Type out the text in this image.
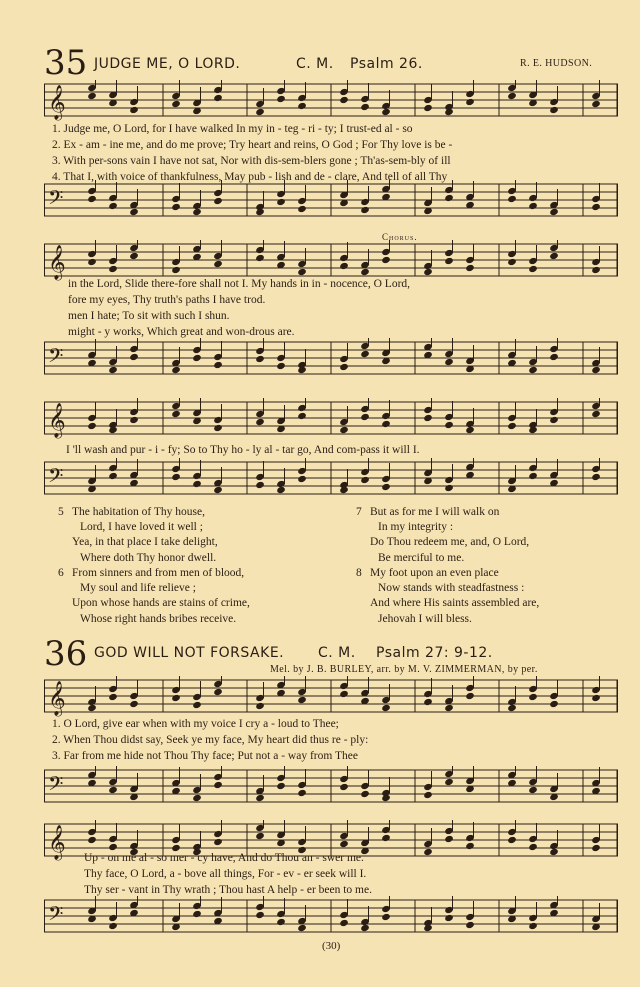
35 JUDGE ME, O LORD.	C. M. Psalm 26.	R. E. HUDSON.
𝄞
1. Judge me, O Lord, for I have walked In my in - teg - ri - ty; I trust-ed al - so
2. Ex - am - ine me, and do me prove; Try heart and reins, O God ; For Thy love is be -
3. With per-sons vain I have not sat, Nor with dis-sem-blers gone ; Th'as-sem-bly of ill
4. That I, with voice of thankfulness, May pub - lish and de - clare, And tell of all Thy
𝄢
Chorus.
𝄞
in the Lord, Slide there-fore shall not I. My hands in in - nocence, O Lord,
fore my eyes, Thy truth's paths I have trod.
men I hate; To sit with such I shun.
might - y works, Which great and won-drous are.
𝄢
𝄞
I 'll wash and pur - i - fy; So to Thy ho - ly al - tar go, And com-pass it will I.
𝄢
5 The habitation of Thy house,
Lord, I have loved it well ;
Yea, in that place I take delight,
Where doth Thy honor dwell.
6 From sinners and from men of blood,
My soul and life relieve ;
Upon whose hands are stains of crime,
Whose right hands bribes receive.
7 But as for me I will walk on
In my integrity :
Do Thou redeem me, and, O Lord,
Be merciful to me.
8 My foot upon an even place
Now stands with steadfastness :
And where His saints assembled are,
Jehovah I will bless.
36 GOD WILL NOT FORSAKE. C. M. Psalm 27: 9-12.
Mel. by J. B. BURLEY, arr. by M. V. ZIMMERMAN, by per.
𝄞
1. O Lord, give ear when with my voice I cry a - loud to Thee;
2. When Thou didst say, Seek ye my face, My heart did thus re - ply:
3. Far from me hide not Thou Thy face; Put not a - way from Thee
𝄢
𝄞 Up - on me al - so mer - cy have, And do Thou an - swer me.
Thy face, O Lord, a - bove all things, For - ev - er seek will I.
Thy ser - vant in Thy wrath ; Thou hast A help - er been to me.
𝄢
(30)
